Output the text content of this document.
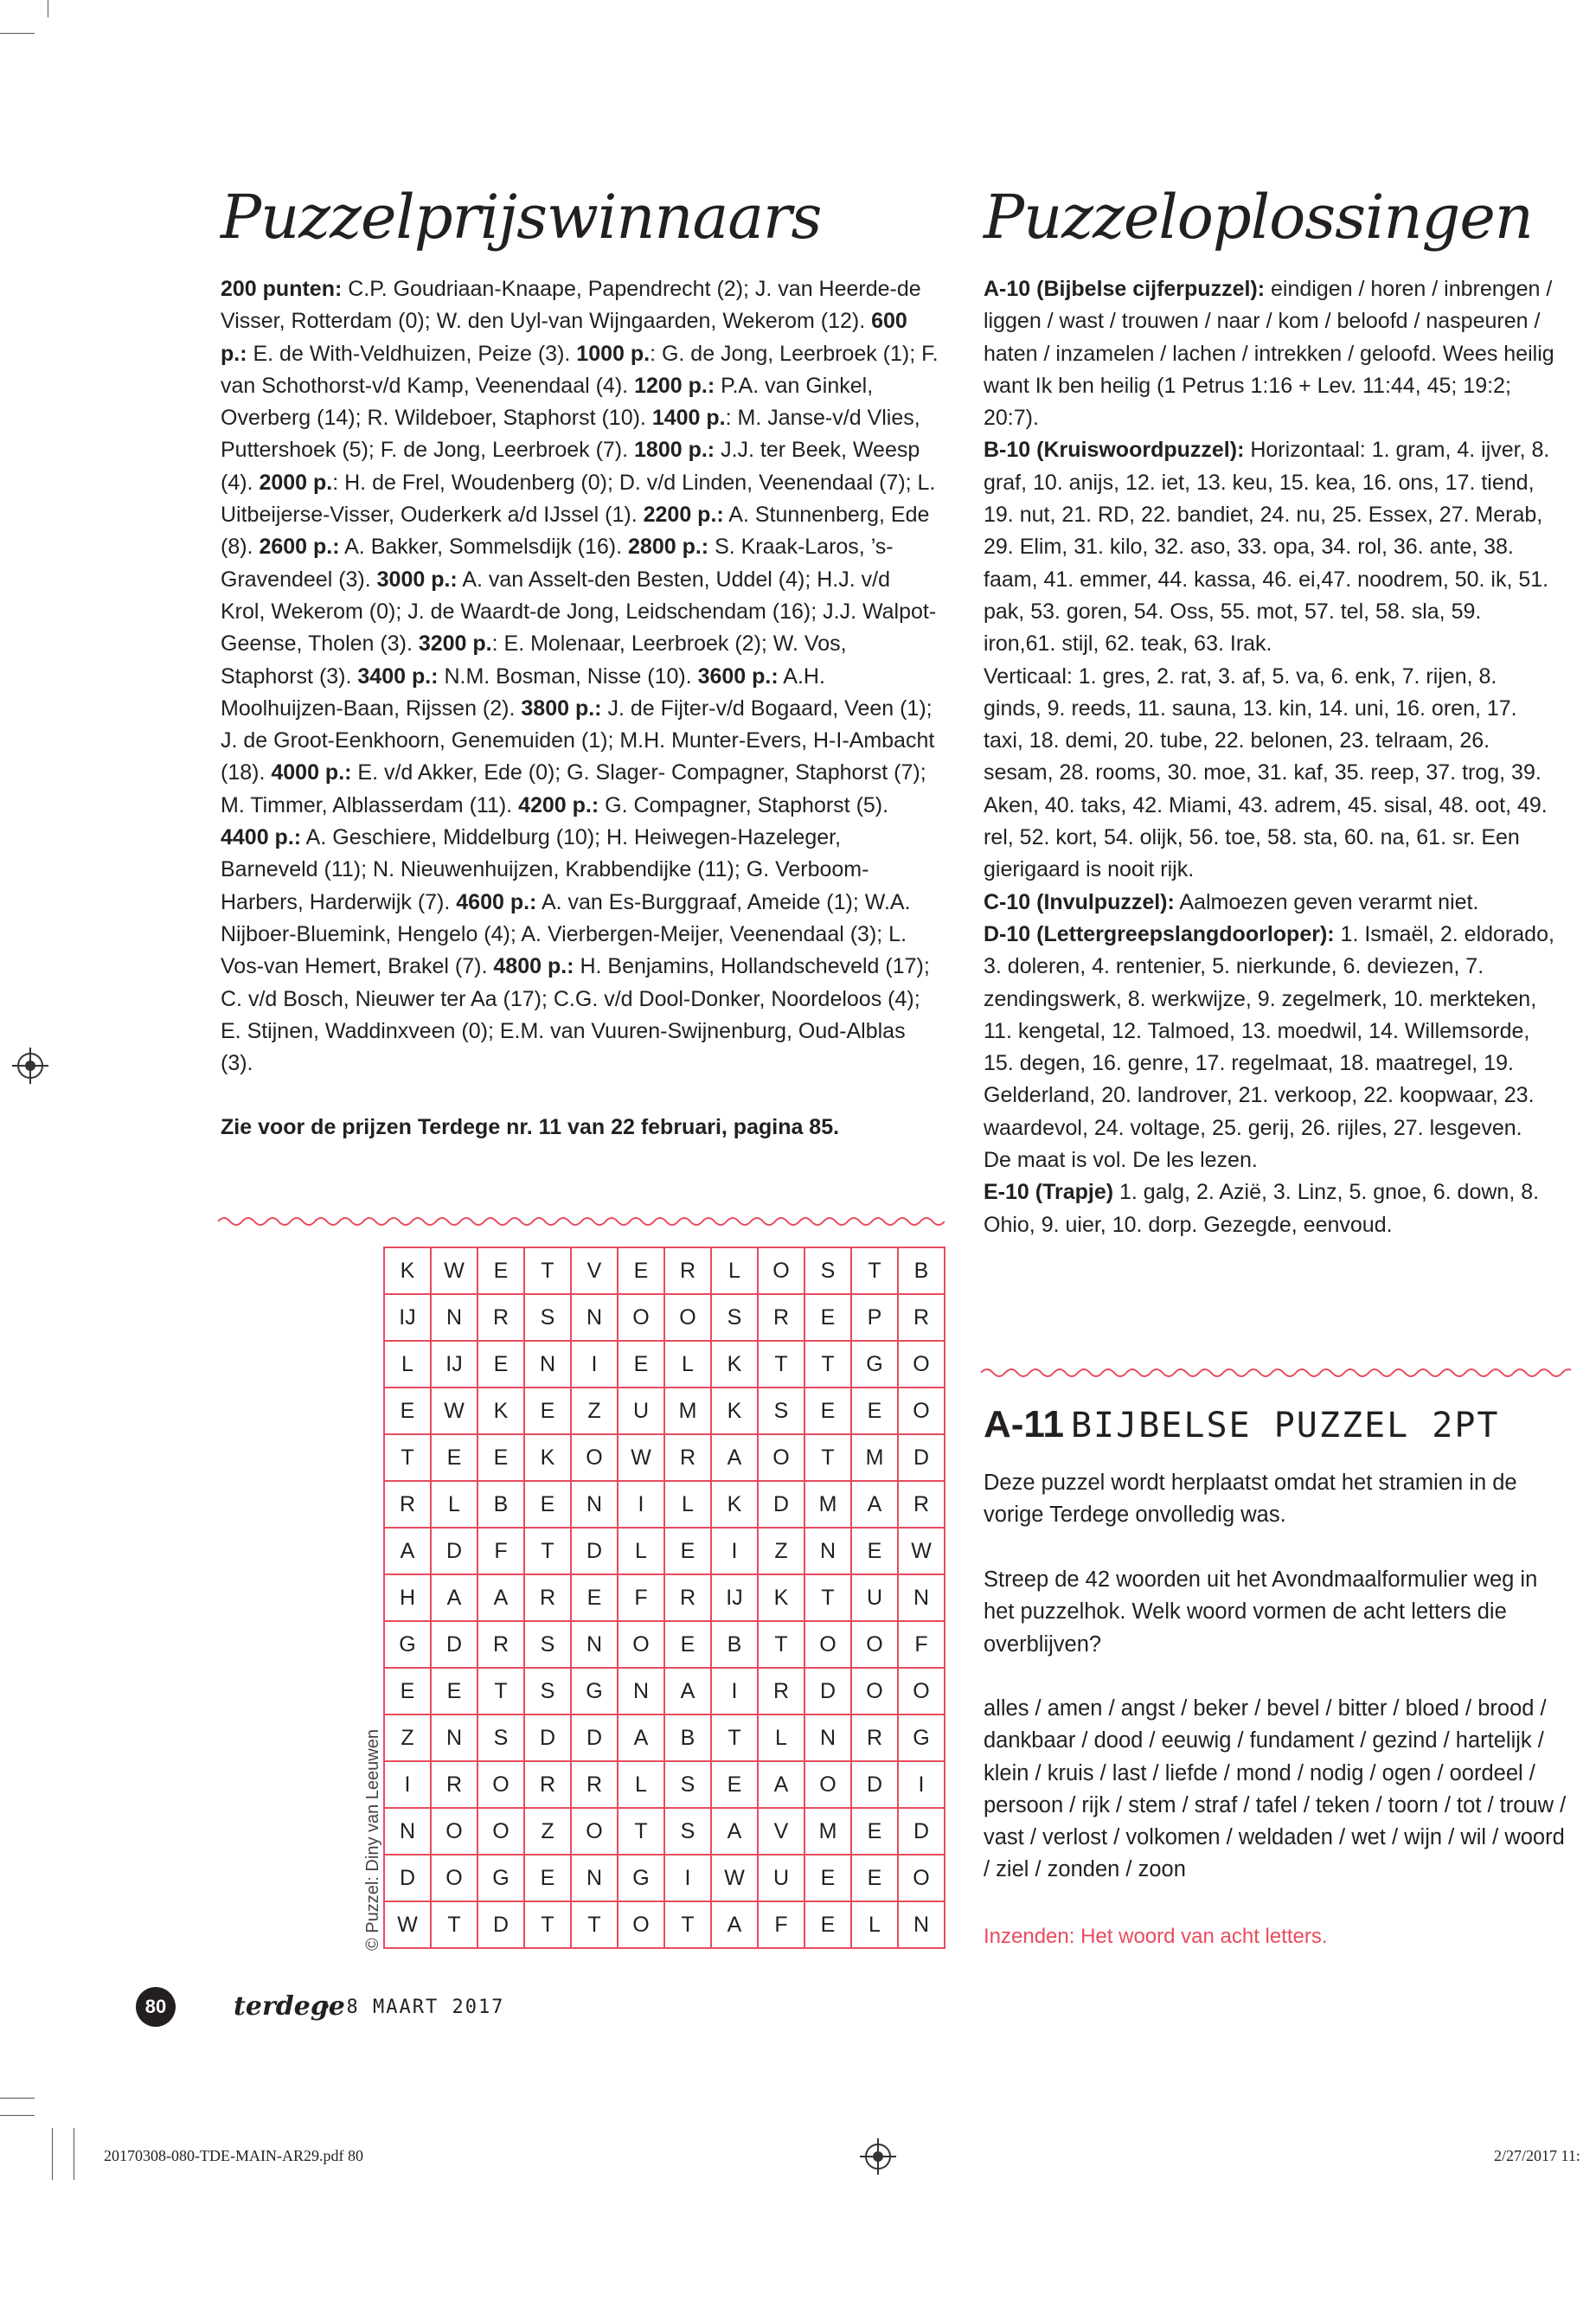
Puzzelprijswinnaars

200 punten: C.P. Goudriaan-Knaape, Papendrecht (2); J. van Heerde-de Visser, Rotterdam (0); W. den Uyl-van Wijngaarden, Wekerom (12). 600 p.: E. de With-Veldhuizen, Peize (3). 1000 p.: G. de Jong, Leerbroek (1); F. van Schothorst-v/d Kamp, Veenendaal (4). 1200 p.: P.A. van Ginkel, Overberg (14); R. Wildeboer, Staphorst (10). 1400 p.: M. Janse-v/d Vlies, Puttershoek (5); F. de Jong, Leerbroek (7). 1800 p.: J.J. ter Beek, Weesp (4). 2000 p.: H. de Frel, Woudenberg (0); D. v/d Linden, Veenendaal (7); L. Uitbeijerse-Visser, Ouderkerk a/d IJssel (1). 2200 p.: A. Stunnenberg, Ede (8). 2600 p.: A. Bakker, Sommelsdijk (16). 2800 p.: S. Kraak-Laros, ’s-Gravendeel (3). 3000 p.: A. van Asselt-den Besten, Uddel (4); H.J. v/d Krol, Wekerom (0); J. de Waardt-de Jong, Leidschendam (16); J.J. Walpot-Geense, Tholen (3). 3200 p.: E. Molenaar, Leerbroek (2); W. Vos, Staphorst (3). 3400 p.: N.M. Bosman, Nisse (10). 3600 p.: A.H. Moolhuijzen-Baan, Rijssen (2). 3800 p.: J. de Fijter-v/d Bogaard, Veen (1); J. de Groot-Eenkhoorn, Genemuiden (1); M.H. Munter-Evers, H-I-Ambacht (18). 4000 p.: E. v/d Akker, Ede (0); G. Slager- Compagner, Staphorst (7); M. Timmer, Alblasserdam (11). 4200 p.: G. Compagner, Staphorst (5). 4400 p.: A. Geschiere, Middelburg (10); H. Heiwegen-Hazeleger, Barneveld (11); N. Nieuwenhuijzen, Krabbendijke (11); G. Verboom-Harbers, Harderwijk (7). 4600 p.: A. van Es-Burggraaf, Ameide (1); W.A. Nijboer-Bluemink, Hengelo (4); A. Vierbergen-Meijer, Veenendaal (3); L. Vos-van Hemert, Brakel (7). 4800 p.: H. Benjamins, Hollandscheveld (17); C. v/d Bosch, Nieuwer ter Aa (17); C.G. v/d Dool-Donker, Noordeloos (4); E. Stijnen, Waddinxveen (0); E.M. van Vuuren-Swijnenburg, Oud-Alblas (3).

Zie voor de prijzen Terdege nr. 11 van 22 februari, pagina 85.

K	W	E	T	V	E	R	L	O	S	T	B
IJ	N	R	S	N	O	O	S	R	E	P	R
L	IJ	E	N	I	E	L	K	T	T	G	O
E	W	K	E	Z	U	M	K	S	E	E	O
T	E	E	K	O	W	R	A	O	T	M	D
R	L	B	E	N	I	L	K	D	M	A	R
A	D	F	T	D	L	E	I	Z	N	E	W
H	A	A	R	E	F	R	IJ	K	T	U	N
G	D	R	S	N	O	E	B	T	O	O	F
E	E	T	S	G	N	A	I	R	D	O	O
Z	N	S	D	D	A	B	T	L	N	R	G
I	R	O	R	R	L	S	E	A	O	D	I
N	O	O	Z	O	T	S	A	V	M	E	D
D	O	G	E	N	G	I	W	U	E	E	O
W	T	D	T	T	O	T	A	F	E	L	N
© Puzzel: Diny van Leeuwen
Puzzeloplossingen

A-10 (Bijbelse cijferpuzzel): eindigen / horen / inbrengen / liggen / wast / trouwen / naar / kom / beloofd / naspeuren / haten / inzamelen / lachen / intrekken / geloofd. Wees heilig want Ik ben heilig (1 Petrus 1:16 + Lev. 11:44, 45; 19:2; 20:7).

B-10 (Kruiswoordpuzzel): Horizontaal: 1. gram, 4. ijver, 8. graf, 10. anijs, 12. iet, 13. keu, 15. kea, 16. ons, 17. tiend, 19. nut, 21. RD, 22. bandiet, 24. nu, 25. Essex, 27. Merab, 29. Elim, 31. kilo, 32. aso, 33. opa, 34. rol, 36. ante, 38. faam, 41. emmer, 44. kassa, 46. ei,47. noodrem, 50. ik, 51. pak, 53. goren, 54. Oss, 55. mot, 57. tel, 58. sla, 59. iron,61. stijl, 62. teak, 63. Irak.

Verticaal: 1. gres, 2. rat, 3. af, 5. va, 6. enk, 7. rijen, 8. ginds, 9. reeds, 11. sauna, 13. kin, 14. uni, 16. oren, 17. taxi, 18. demi, 20. tube, 22. belonen, 23. telraam, 26. sesam, 28. rooms, 30. moe, 31. kaf, 35. reep, 37. trog, 39. Aken, 40. taks, 42. Miami, 43. adrem, 45. sisal, 48. oot, 49. rel, 52. kort, 54. olijk, 56. toe, 58. sta, 60. na, 61. sr. Een gierigaard is nooit rijk.

C-10 (Invulpuzzel): Aalmoezen geven verarmt niet.

D-10 (Lettergreepslangdoorloper): 1. Ismaël, 2. eldorado, 3. doleren, 4. rentenier, 5. nierkunde, 6. deviezen, 7. zendingswerk, 8. werkwijze, 9. zegelmerk, 10. merkteken, 11. kengetal, 12. Talmoed, 13. moedwil, 14. Willemsorde, 15. degen, 16. genre, 17. regelmaat, 18. maatregel, 19. Gelderland, 20. landrover, 21. verkoop, 22. koopwaar, 23. waardevol, 24. voltage, 25. gerij, 26. rijles, 27. lesgeven. De maat is vol. De les lezen.

E-10 (Trapje) 1. galg, 2. Azië, 3. Linz, 5. gnoe, 6. down, 8. Ohio, 9. uier, 10. dorp. Gezegde, eenvoud.

A-11 BIJBELSE PUZZEL 2PT

Deze puzzel wordt herplaatst omdat het stramien in de vorige Terdege onvolledig was.

Streep de 42 woorden uit het Avondmaalformulier weg in het puzzelhok. Welk woord vormen de acht letters die overblijven?

alles / amen / angst / beker / bevel / bitter / bloed / brood / dankbaar / dood / eeuwig / fundament / gezind / hartelijk / klein / kruis / last / liefde / mond / nodig / ogen / oordeel / persoon / rijk / stem / straf / tafel / teken / toorn / tot / trouw / vast / verlost / volkomen / weldaden / wet / wijn / wil / woord / ziel / zonden / zoon

Inzenden: Het woord van acht letters.
80	terdege
• 8 MAART 2017
20170308-080-TDE-MAIN-AR29.pdf 80	2/27/2017 11:
